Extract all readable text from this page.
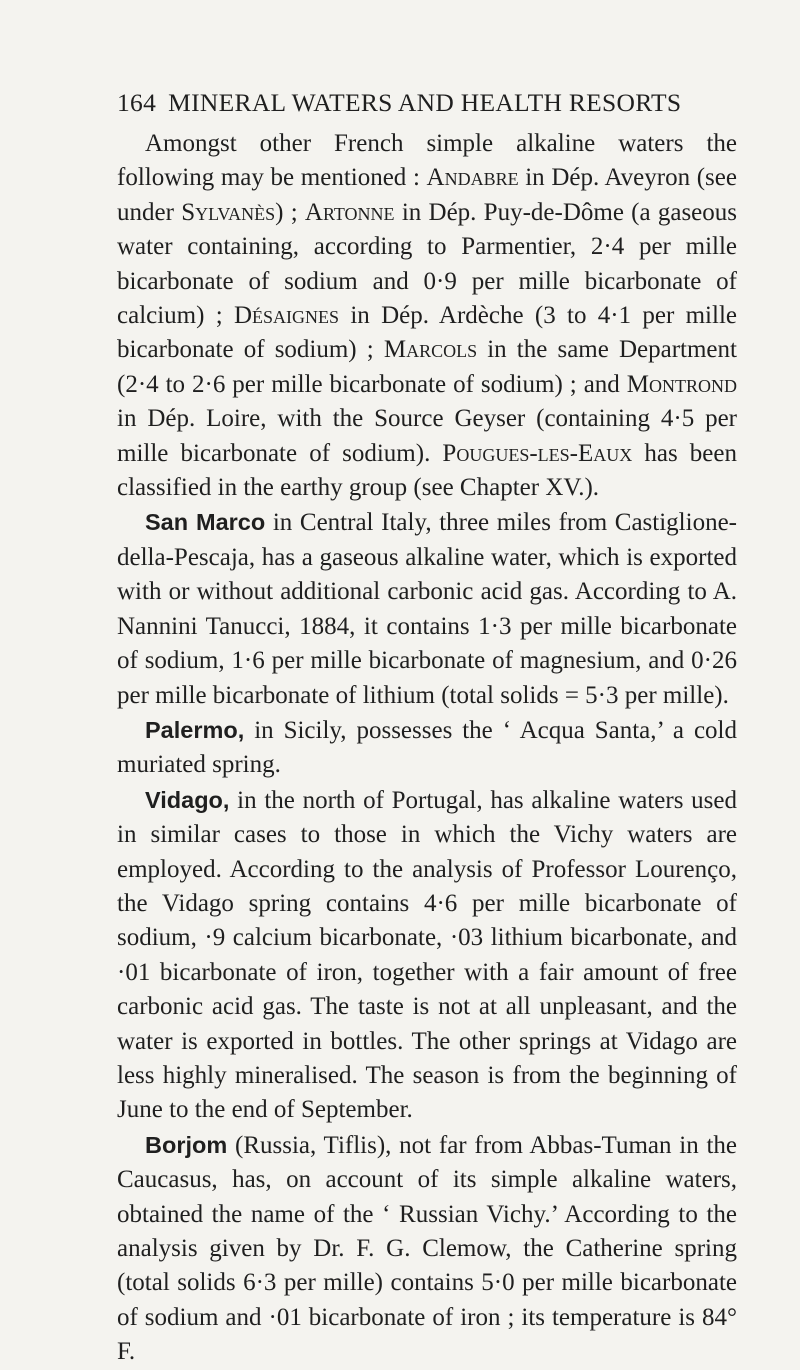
164 MINERAL WATERS AND HEALTH RESORTS

Amongst other French simple alkaline waters the following may be mentioned : Andabre in Dép. Aveyron (see under Sylvanès) ; Artonne in Dép. Puy-de-Dôme (a gaseous water containing, according to Parmentier, 2·4 per mille bicarbonate of sodium and 0·9 per mille bicarbonate of calcium) ; Désaignes in Dép. Ardèche (3 to 4·1 per mille bicarbonate of sodium) ; Marcols in the same Department (2·4 to 2·6 per mille bicarbonate of sodium) ; and Montrond in Dép. Loire, with the Source Geyser (containing 4·5 per mille bicarbonate of sodium). Pougues-les-Eaux has been classified in the earthy group (see Chapter XV.).

San Marco in Central Italy, three miles from Castiglione-della-Pescaja, has a gaseous alkaline water, which is exported with or without additional carbonic acid gas. According to A. Nannini Tanucci, 1884, it contains 1·3 per mille bicarbonate of sodium, 1·6 per mille bicarbonate of magnesium, and 0·26 per mille bicarbonate of lithium (total solids = 5·3 per mille).

Palermo, in Sicily, possesses the ‘ Acqua Santa,’ a cold muriated spring.

Vidago, in the north of Portugal, has alkaline waters used in similar cases to those in which the Vichy waters are employed. According to the analysis of Professor Lourenço, the Vidago spring contains 4·6 per mille bicarbonate of sodium, ·9 calcium bicarbonate, ·03 lithium bicarbonate, and ·01 bicarbonate of iron, together with a fair amount of free carbonic acid gas. The taste is not at all unpleasant, and the water is exported in bottles. The other springs at Vidago are less highly mineralised. The season is from the beginning of June to the end of September.

Borjom (Russia, Tiflis), not far from Abbas-Tuman in the Caucasus, has, on account of its simple alkaline waters, obtained the name of the ‘ Russian Vichy.’ According to the analysis given by Dr. F. G. Clemow, the Catherine spring (total solids 6·3 per mille) contains 5·0 per mille bicarbonate of sodium and ·01 bicarbonate of iron ; its temperature is 84° F.
